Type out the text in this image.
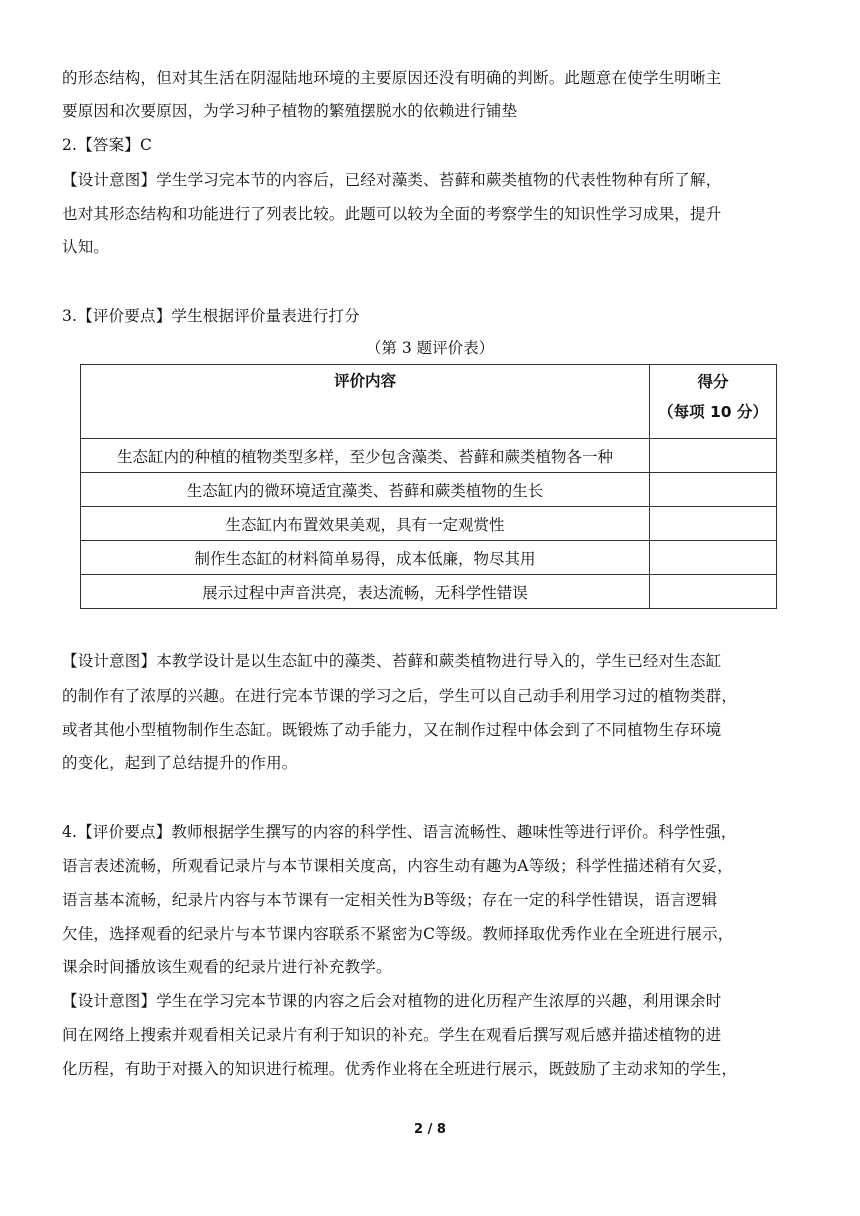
的形态结构，但对其生活在阴湿陆地环境的主要原因还没有明确的判断。此题意在使学生明晰主
要原因和次要原因，为学习种子植物的繁殖摆脱水的依赖进行铺垫
2.【答案】C
【设计意图】学生学习完本节的内容后，已经对藻类、苔藓和蕨类植物的代表性物种有所了解，
也对其形态结构和功能进行了列表比较。此题可以较为全面的考察学生的知识性学习成果，提升
认知。
3.【评价要点】学生根据评价量表进行打分
（第 3 题评价表）
评价内容	得分
（每项 10 分）

生态缸内的种植的植物类型多样，至少包含藻类、苔藓和蕨类植物各一种	
生态缸内的微环境适宜藻类、苔藓和蕨类植物的生长	
生态缸内布置效果美观，具有一定观赏性	
制作生态缸的材料简单易得，成本低廉，物尽其用	
展示过程中声音洪亮，表达流畅，无科学性错误	
【设计意图】本教学设计是以生态缸中的藻类、苔藓和蕨类植物进行导入的，学生已经对生态缸
的制作有了浓厚的兴趣。在进行完本节课的学习之后，学生可以自己动手利用学习过的植物类群，
或者其他小型植物制作生态缸。既锻炼了动手能力，又在制作过程中体会到了不同植物生存环境
的变化，起到了总结提升的作用。
4.【评价要点】教师根据学生撰写的内容的科学性、语言流畅性、趣味性等进行评价。科学性强，
语言表述流畅，所观看记录片与本节课相关度高，内容生动有趣为A等级；科学性描述稍有欠妥，
语言基本流畅，纪录片内容与本节课有一定相关性为B等级；存在一定的科学性错误，语言逻辑
欠佳，选择观看的纪录片与本节课内容联系不紧密为C等级。教师择取优秀作业在全班进行展示，
课余时间播放该生观看的纪录片进行补充教学。
【设计意图】学生在学习完本节课的内容之后会对植物的进化历程产生浓厚的兴趣，利用课余时
间在网络上搜索并观看相关记录片有利于知识的补充。学生在观看后撰写观后感并描述植物的进
化历程，有助于对摄入的知识进行梳理。优秀作业将在全班进行展示，既鼓励了主动求知的学生，
2 / 8
